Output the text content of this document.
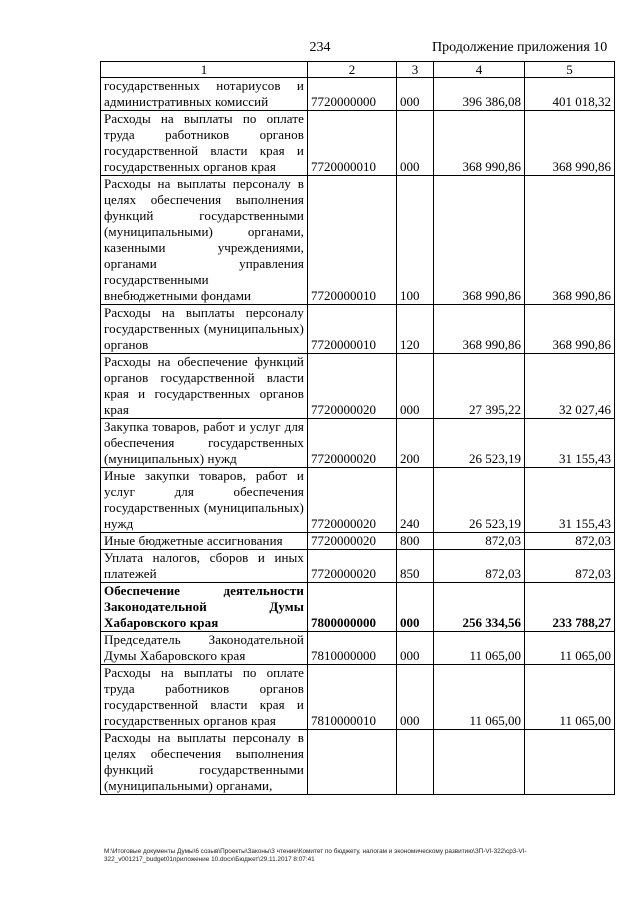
234	Продолжение приложения 10
1	2	3	4	5
государственных нотариусов и административных комиссий	7720000000	000	396 386,08	401 018,32
Расходы на выплаты по оплате труда работников органов государственной власти края и государственных органов края	7720000010	000	368 990,86	368 990,86
Расходы на выплаты персоналу в целях обеспечения выполнения функций государственными (муниципальными) органами, казенными учреждениями, органами управления государственными внебюджетными фондами	7720000010	100	368 990,86	368 990,86
Расходы на выплаты персоналу государственных (муниципальных) органов	7720000010	120	368 990,86	368 990,86
Расходы на обеспечение функций органов государственной власти края и государственных органов края	7720000020	000	27 395,22	32 027,46
Закупка товаров, работ и услуг для обеспечения государственных (муниципальных) нужд	7720000020	200	26 523,19	31 155,43
Иные закупки товаров, работ и услуг для обеспечения государственных (муниципальных) нужд	7720000020	240	26 523,19	31 155,43
Иные бюджетные ассигнования	7720000020	800	872,03	872,03
Уплата налогов, сборов и иных платежей	7720000020	850	872,03	872,03
Обеспечение деятельности Законодательной Думы Хабаровского края	7800000000	000	256 334,56	233 788,27
Председатель Законодательной Думы Хабаровского края	7810000000	000	11 065,00	11 065,00
Расходы на выплаты по оплате труда работников органов государственной власти края и государственных органов края	7810000010	000	11 065,00	11 065,00
Расходы на выплаты персоналу в целях обеспечения выполнения функций государственными (муниципальными) органами,				
M:\Итоговые документы Думы\6 созыв\Проекты\Законы\3 чтение\Комитет по бюджету, налогам и экономическому развитию\ЗП-VI-322\ср3-VI-322_v001217_budget01приложение 10.docx\Бюджет\29.11.2017 8:07:41
